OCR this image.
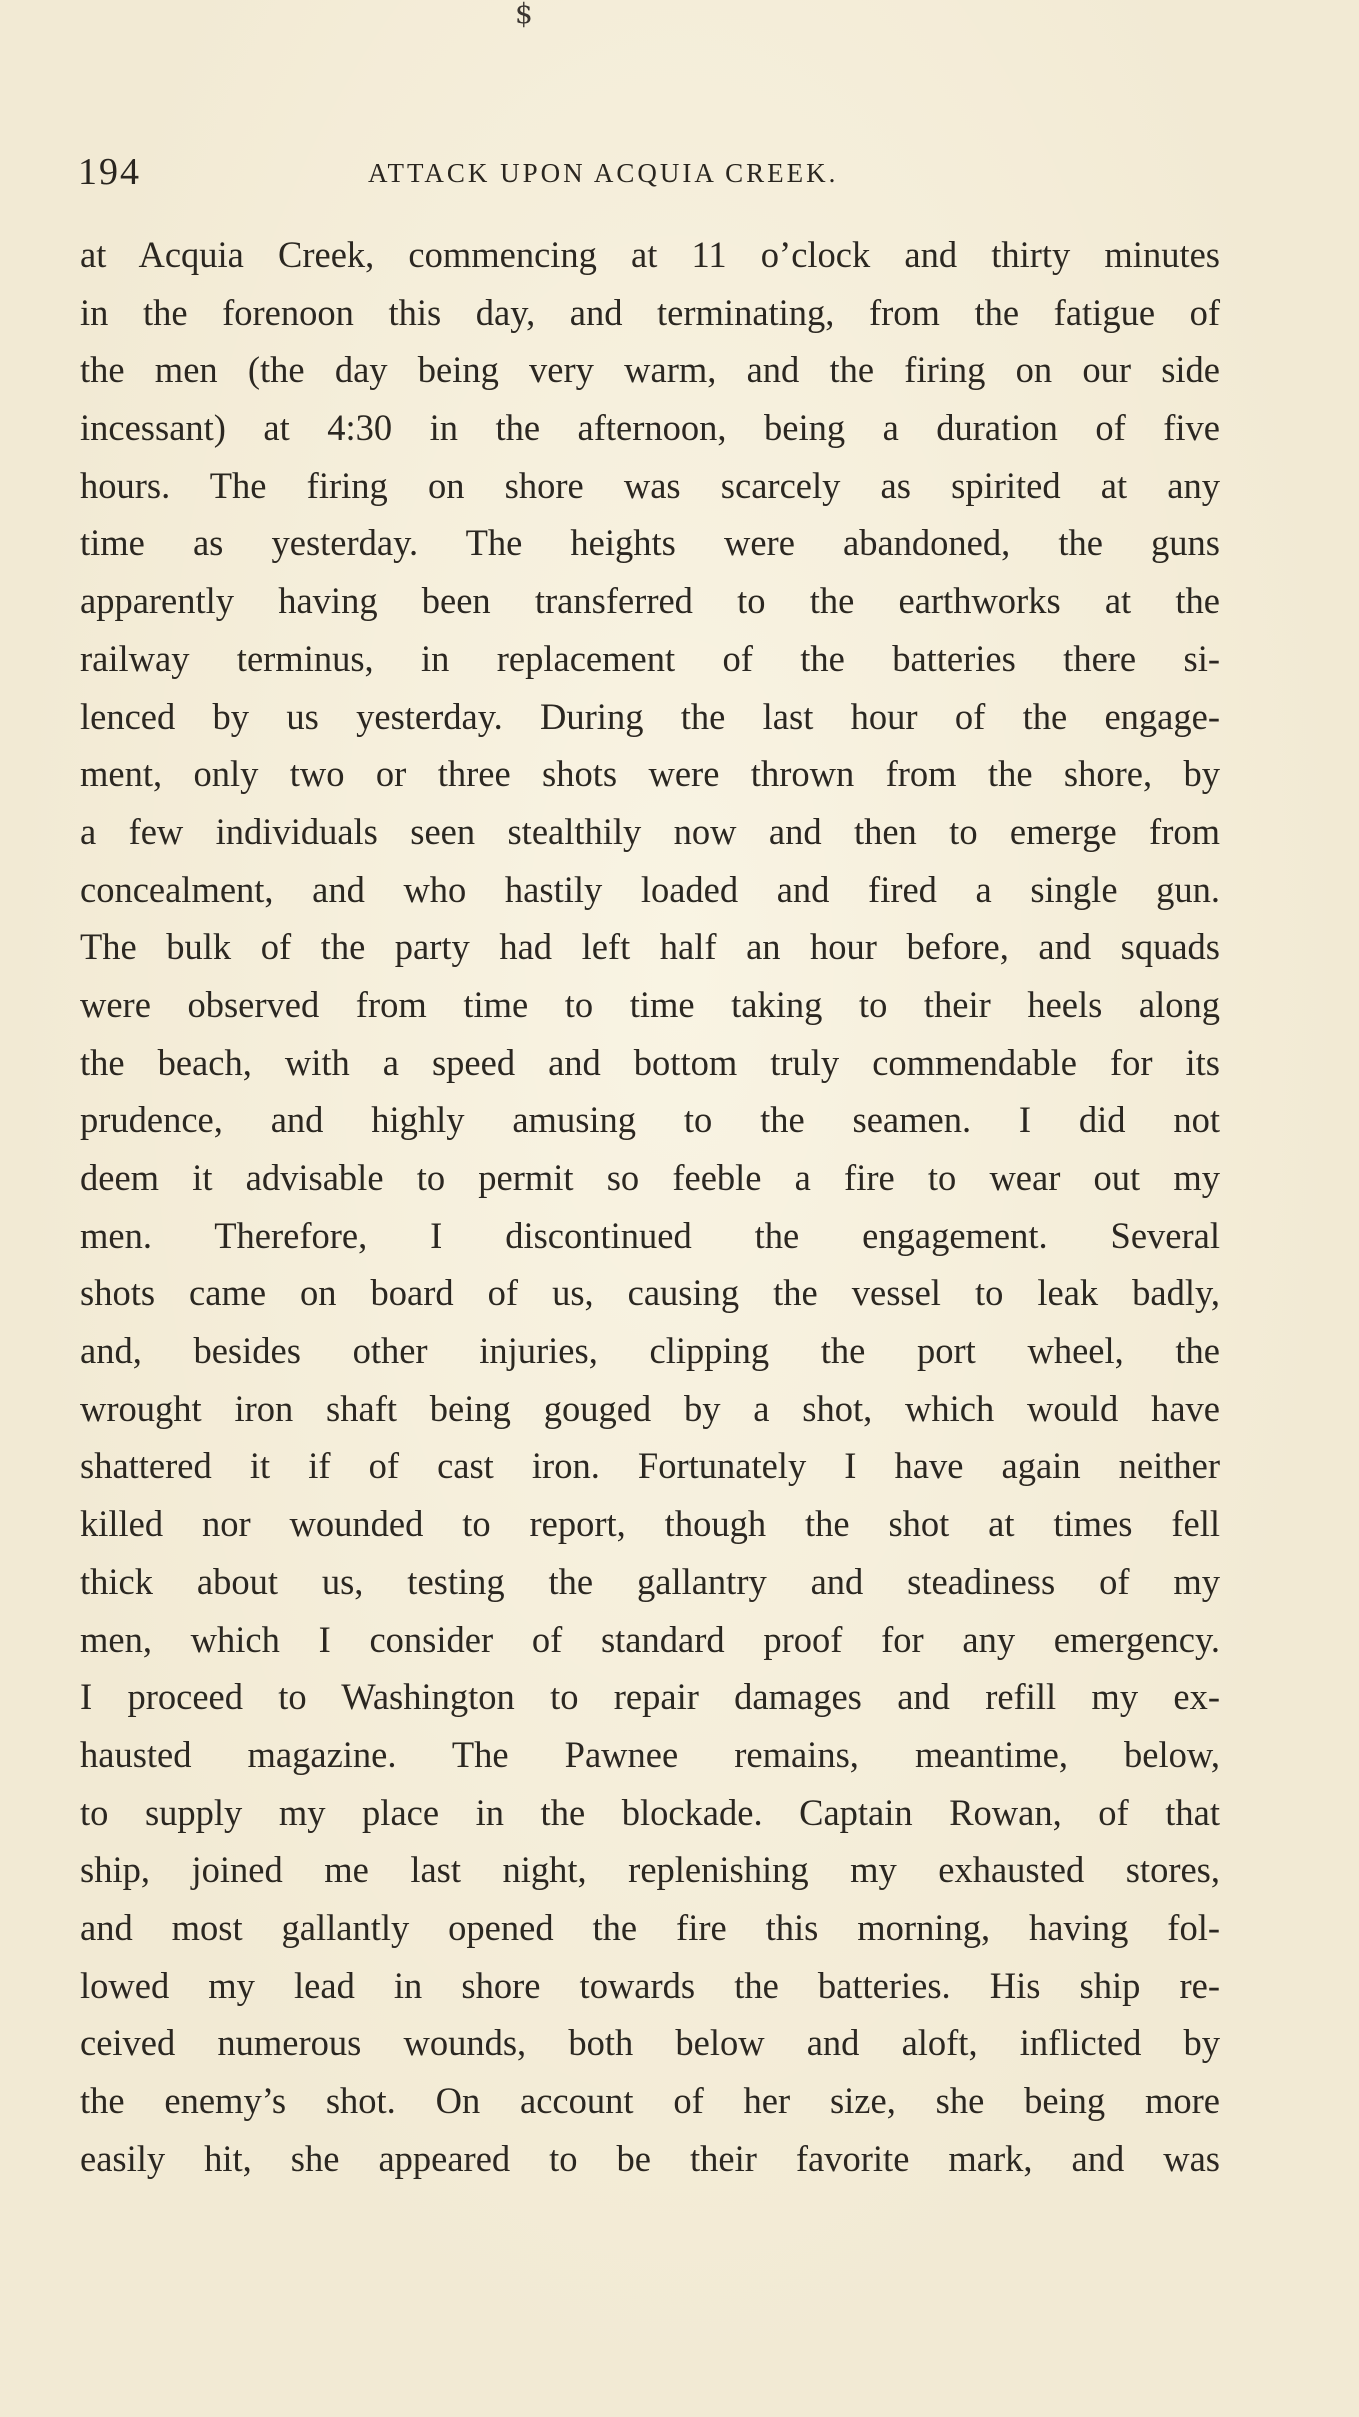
$
194	ATTACK UPON ACQUIA CREEK.
at Acquia Creek, commencing at 11 o’clock and thirty minutes
in the forenoon this day, and terminating, from the fatigue of
the men (the day being very warm, and the firing on our side
incessant) at 4:30 in the afternoon, being a duration of five
hours. The firing on shore was scarcely as spirited at any
time as yesterday. The heights were abandoned, the guns
apparently having been transferred to the earthworks at the
railway terminus, in replacement of the batteries there si-
lenced by us yesterday. During the last hour of the engage-
ment, only two or three shots were thrown from the shore, by
a few individuals seen stealthily now and then to emerge from
concealment, and who hastily loaded and fired a single gun.
The bulk of the party had left half an hour before, and squads
were observed from time to time taking to their heels along
the beach, with a speed and bottom truly commendable for its
prudence, and highly amusing to the seamen. I did not
deem it advisable to permit so feeble a fire to wear out my
men. Therefore, I discontinued the engagement. Several
shots came on board of us, causing the vessel to leak badly,
and, besides other injuries, clipping the port wheel, the
wrought iron shaft being gouged by a shot, which would have
shattered it if of cast iron. Fortunately I have again neither
killed nor wounded to report, though the shot at times fell
thick about us, testing the gallantry and steadiness of my
men, which I consider of standard proof for any emergency.
I proceed to Washington to repair damages and refill my ex-
hausted magazine. The Pawnee remains, meantime, below,
to supply my place in the blockade. Captain Rowan, of that
ship, joined me last night, replenishing my exhausted stores,
and most gallantly opened the fire this morning, having fol-
lowed my lead in shore towards the batteries. His ship re-
ceived numerous wounds, both below and aloft, inflicted by
the enemy’s shot. On account of her size, she being more
easily hit, she appeared to be their favorite mark, and was
